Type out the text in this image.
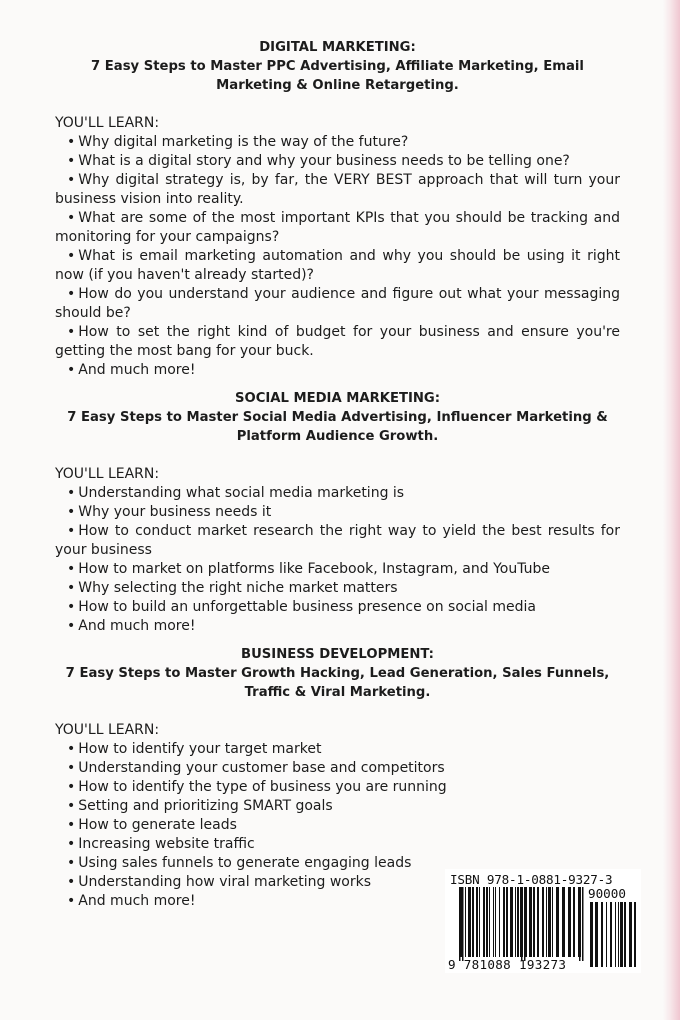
DIGITAL MARKETING:
7 Easy Steps to Master PPC Advertising, Affiliate Marketing, Email Marketing & Online Retargeting.
YOU'LL LEARN:
• Why digital marketing is the way of the future?
• What is a digital story and why your business needs to be telling one?
• Why digital strategy is, by far, the VERY BEST approach that will turn your business vision into reality.
• What are some of the most important KPIs that you should be tracking and monitoring for your campaigns?
• What is email marketing automation and why you should be using it right now (if you haven't already started)?
• How do you understand your audience and figure out what your messaging should be?
• How to set the right kind of budget for your business and ensure you're getting the most bang for your buck.
• And much more!
SOCIAL MEDIA MARKETING:
7 Easy Steps to Master Social Media Advertising, Influencer Marketing & Platform Audience Growth.
YOU'LL LEARN:
• Understanding what social media marketing is
• Why your business needs it
• How to conduct market research the right way to yield the best results for your business
• How to market on platforms like Facebook, Instagram, and YouTube
• Why selecting the right niche market matters
• How to build an unforgettable business presence on social media
• And much more!
BUSINESS DEVELOPMENT:
7 Easy Steps to Master Growth Hacking, Lead Generation, Sales Funnels, Traffic & Viral Marketing.
YOU'LL LEARN:
• How to identify your target market
• Understanding your customer base and competitors
• How to identify the type of business you are running
• Setting and prioritizing SMART goals
• How to generate leads
• Increasing website traffic
• Using sales funnels to generate engaging leads
• Understanding how viral marketing works
• And much more!
ISBN 978-1-0881-9327-3
90000
9 781088 193273
